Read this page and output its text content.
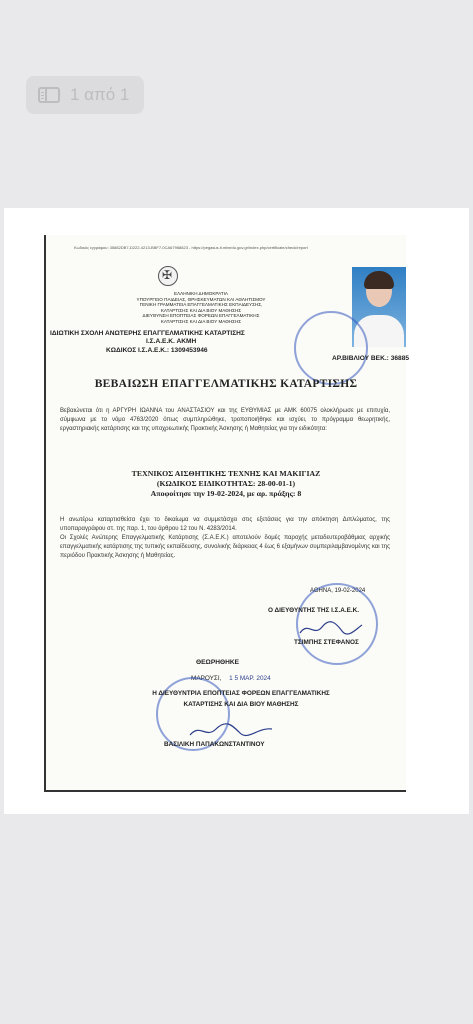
1 από 1
Κωδικός εγγράφου: 35882DB7-D222-4213-BBF7-0CA67968823 - https://pegasus.it.minedu.gov.gr/index.php/certificate/check/report
✠
ΕΛΛΗΝΙΚΗ ΔΗΜΟΚΡΑΤΙΑ
ΥΠΟΥΡΓΕΙΟ ΠΑΙΔΕΙΑΣ, ΘΡΗΣΚΕΥΜΑΤΩΝ ΚΑΙ ΑΘΛΗΤΙΣΜΟΥ
ΓΕΝΙΚΗ ΓΡΑΜΜΑΤΕΙΑ ΕΠΑΓΓΕΛΜΑΤΙΚΗΣ ΕΚΠΑΙΔΕΥΣΗΣ,
ΚΑΤΑΡΤΙΣΗΣ ΚΑΙ ΔΙΑ ΒΙΟΥ ΜΑΘΗΣΗΣ
ΔΙΕΥΘΥΝΣΗ ΕΠΟΠΤΕΙΑΣ ΦΟΡΕΩΝ ΕΠΑΓΓΕΛΜΑΤΙΚΗΣ
ΚΑΤΑΡΤΙΣΗΣ ΚΑΙ ΔΙΑ ΒΙΟΥ ΜΑΘΗΣΗΣ
ΙΔΙΩΤΙΚΗ ΣΧΟΛΗ ΑΝΩΤΕΡΗΣ ΕΠΑΓΓΕΛΜΑΤΙΚΗΣ ΚΑΤΑΡΤΙΣΗΣ
Ι.Σ.Α.Ε.Κ. ΑΚΜΗ
ΚΩΔΙΚΟΣ Ι.Σ.Α.Ε.Κ.: 1309453946
ΑΡ.ΒΙΒΛΙΟΥ ΒΕΚ.: 36885
ΒΕΒΑΙΩΣΗ ΕΠΑΓΓΕΛΜΑΤΙΚΗΣ ΚΑΤΑΡΤΙΣΗΣ
Βεβαιώνεται ότι η ΑΡΓΥΡΗ ΙΩΑΝΝΑ του ΑΝΑΣΤΑΣΙΟΥ και της ΕΥΘΥΜΙΑΣ με ΑΜΚ 60075 ολοκλήρωσε με επιτυχία, σύμφωνα με το νόμο 4763/2020 όπως συμπληρώθηκε, τροποποιήθηκε και ισχύει, το πρόγραμμα θεωρητικής, εργαστηριακής κατάρτισης και της υποχρεωτικής Πρακτικής Άσκησης ή Μαθητείας για την ειδικότητα:
ΤΕΧΝΙΚΟΣ ΑΙΣΘΗΤΙΚΗΣ ΤΕΧΝΗΣ ΚΑΙ ΜΑΚΙΓΙΑΖ
(ΚΩΔΙΚΟΣ ΕΙΔΙΚΟΤΗΤΑΣ: 28-00-01-1)
Αποφοίτησε την 19-02-2024, με αρ. πράξης: 8
Η ανωτέρω καταρτισθείσα έχει το δικαίωμα να συμμετάσχει στις εξετάσεις για την απόκτηση Διπλώματος, της υποπαραγράφου στ. της παρ. 1, του άρθρου 12 του Ν. 4283/2014.
Οι Σχολές Ανώτερης Επαγγελματικής Κατάρτισης (Σ.Α.Ε.Κ.) αποτελούν δομές παροχής μεταδευτεροβάθμιας αρχικής επαγγελματικής κατάρτισης της τυπικής εκπαίδευσης, συνολικής διάρκειας 4 έως 6 εξαμήνων συμπεριλαμβανομένης και της περιόδου Πρακτικής Άσκησης ή Μαθητείας.
ΑΘΗΝΑ, 19-02-2024
Ο ΔΙΕΥΘΥΝΤΗΣ ΤΗΣ Ι.Σ.Α.Ε.Κ.
ΤΣΙΜΠΗΣ ΣΤΕΦΑΝΟΣ
ΘΕΩΡΗΘΗΚΕ
ΜΑΡΟΥΣΙ, 1 5 ΜΑΡ. 2024
Η ΔΙΕΥΘΥΝΤΡΙΑ ΕΠΟΠΤΕΙΑΣ ΦΟΡΕΩΝ ΕΠΑΓΓΕΛΜΑΤΙΚΗΣ
ΚΑΤΑΡΤΙΣΗΣ ΚΑΙ ΔΙΑ ΒΙΟΥ ΜΑΘΗΣΗΣ
ΒΑΣΙΛΙΚΗ ΠΑΠΑΚΩΝΣΤΑΝΤΙΝΟΥ
